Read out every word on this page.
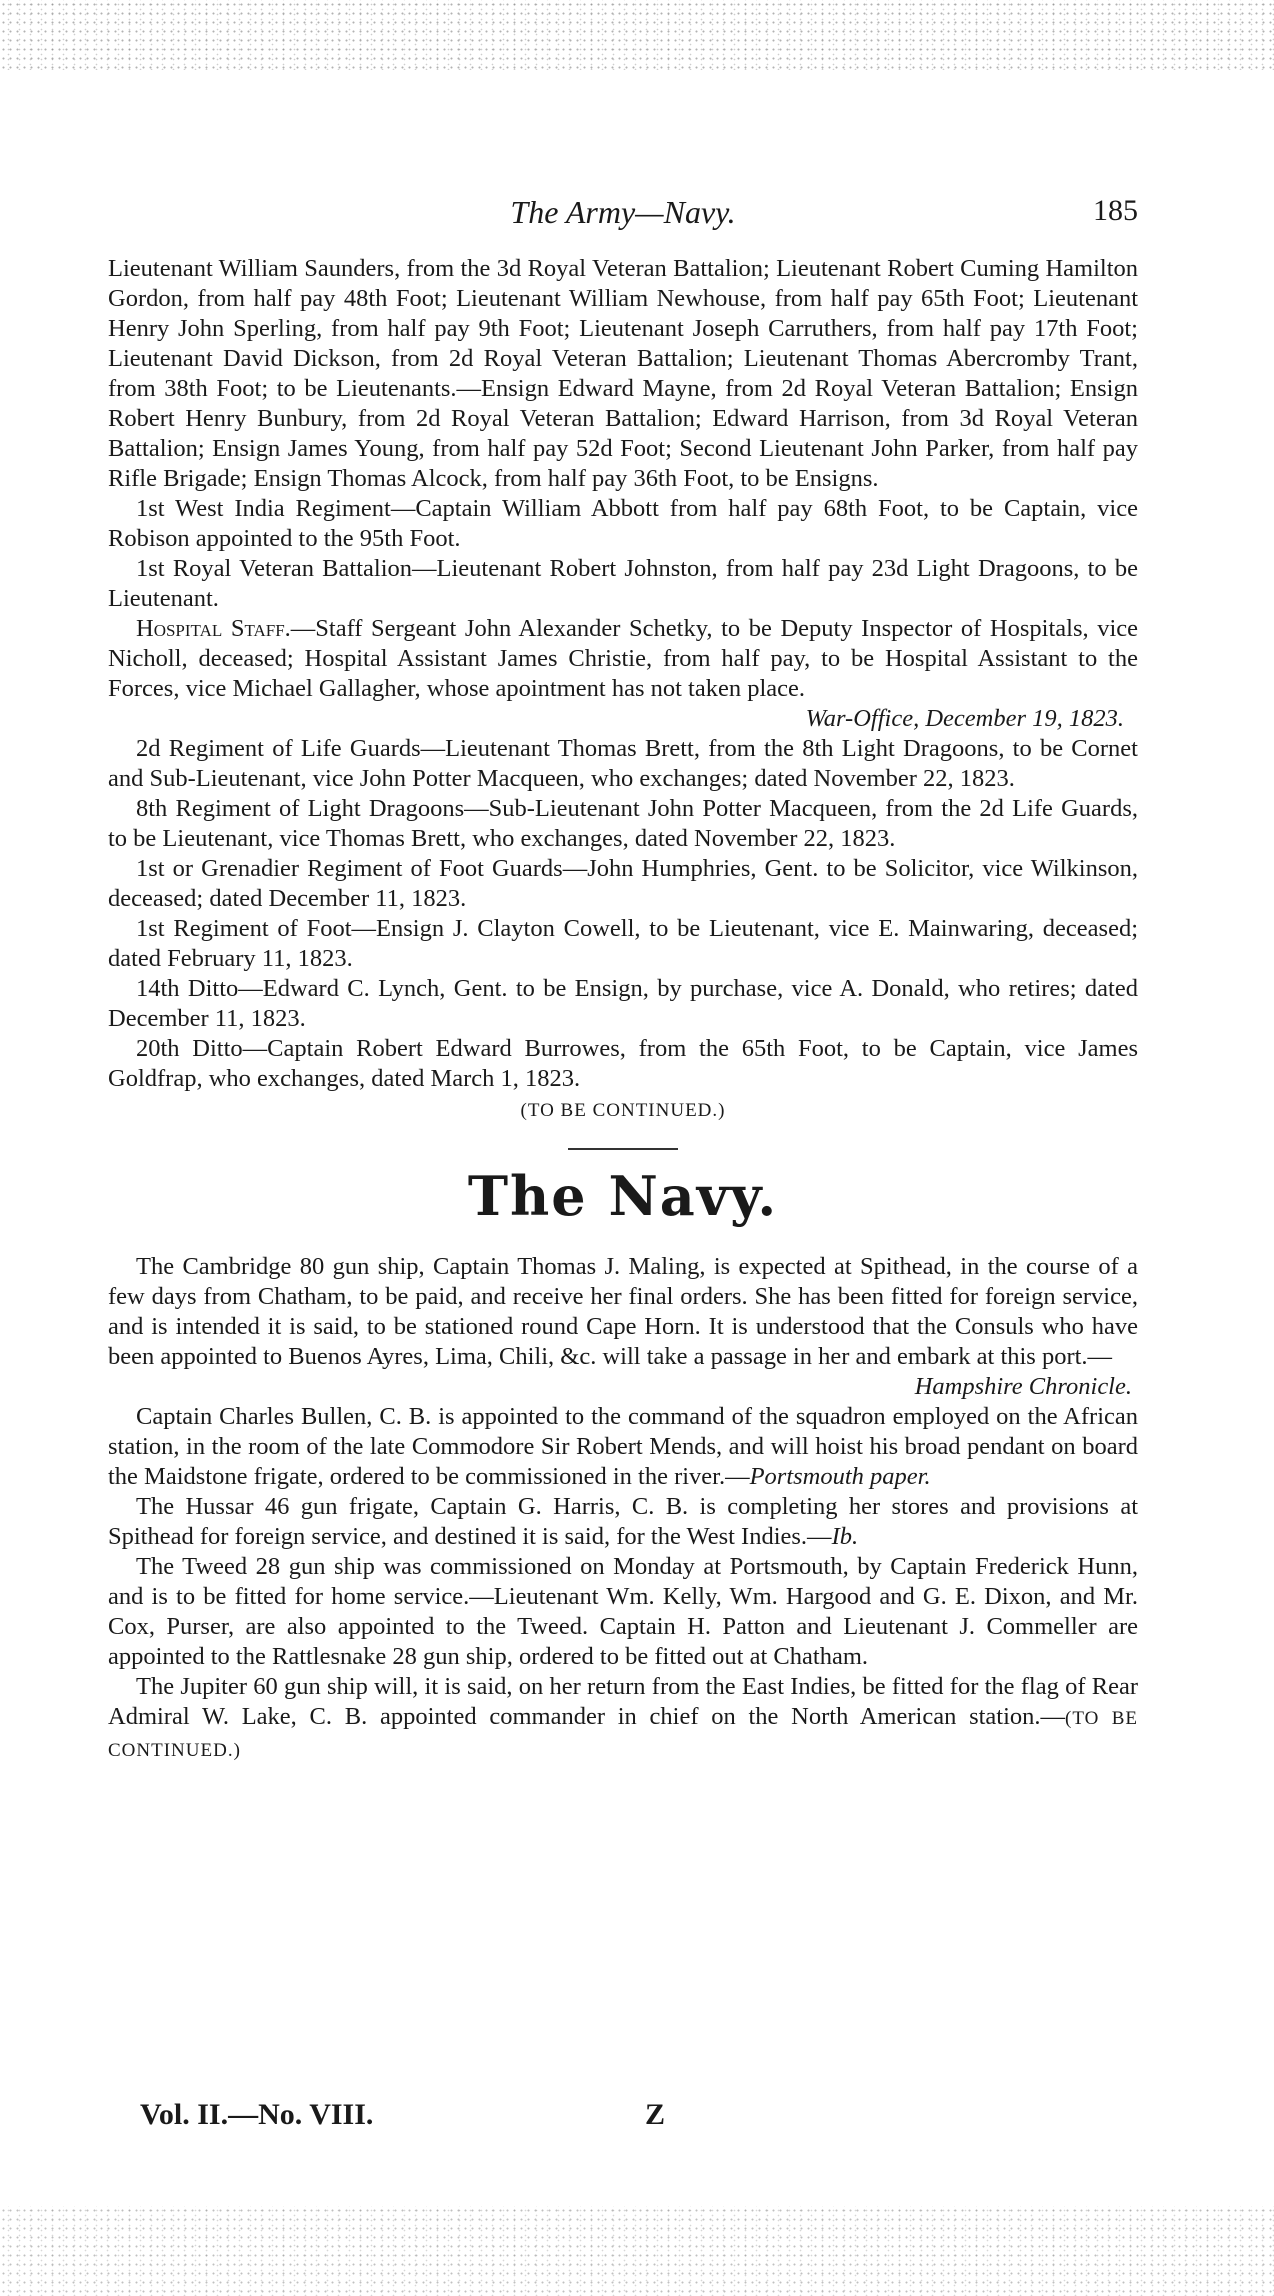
The Army—Navy.	185

Lieutenant William Saunders, from the 3d Royal Veteran Battalion; Lieutenant Robert Cuming Hamilton Gordon, from half pay 48th Foot; Lieutenant William Newhouse, from half pay 65th Foot; Lieutenant Henry John Sperling, from half pay 9th Foot; Lieutenant Joseph Carruthers, from half pay 17th Foot; Lieutenant David Dickson, from 2d Royal Veteran Battalion; Lieutenant Thomas Abercromby Trant, from 38th Foot; to be Lieutenants.—Ensign Edward Mayne, from 2d Royal Veteran Battalion; Ensign Robert Henry Bunbury, from 2d Royal Veteran Battalion; Edward Harrison, from 3d Royal Veteran Battalion; Ensign James Young, from half pay 52d Foot; Second Lieutenant John Parker, from half pay Rifle Brigade; Ensign Thomas Alcock, from half pay 36th Foot, to be Ensigns.

1st West India Regiment—Captain William Abbott from half pay 68th Foot, to be Captain, vice Robison appointed to the 95th Foot.

1st Royal Veteran Battalion—Lieutenant Robert Johnston, from half pay 23d Light Dragoons, to be Lieutenant.

Hospital Staff.—Staff Sergeant John Alexander Schetky, to be Deputy Inspector of Hospitals, vice Nicholl, deceased; Hospital Assistant James Christie, from half pay, to be Hospital Assistant to the Forces, vice Michael Gallagher, whose apointment has not taken place.

War-Office, December 19, 1823.

2d Regiment of Life Guards—Lieutenant Thomas Brett, from the 8th Light Dragoons, to be Cornet and Sub-Lieutenant, vice John Potter Macqueen, who exchanges; dated November 22, 1823.

8th Regiment of Light Dragoons—Sub-Lieutenant John Potter Macqueen, from the 2d Life Guards, to be Lieutenant, vice Thomas Brett, who exchanges, dated November 22, 1823.

1st or Grenadier Regiment of Foot Guards—John Humphries, Gent. to be Solicitor, vice Wilkinson, deceased; dated December 11, 1823.

1st Regiment of Foot—Ensign J. Clayton Cowell, to be Lieutenant, vice E. Mainwaring, deceased; dated February 11, 1823.

14th Ditto—Edward C. Lynch, Gent. to be Ensign, by purchase, vice A. Donald, who retires; dated December 11, 1823.

20th Ditto—Captain Robert Edward Burrowes, from the 65th Foot, to be Captain, vice James Goldfrap, who exchanges, dated March 1, 1823.

(TO BE CONTINUED.)

The Navy.

The Cambridge 80 gun ship, Captain Thomas J. Maling, is expected at Spithead, in the course of a few days from Chatham, to be paid, and receive her final orders. She has been fitted for foreign service, and is intended it is said, to be stationed round Cape Horn. It is understood that the Consuls who have been appointed to Buenos Ayres, Lima, Chili, &c. will take a passage in her and embark at this port.—

Hampshire Chronicle.

Captain Charles Bullen, C. B. is appointed to the command of the squadron employed on the African station, in the room of the late Commodore Sir Robert Mends, and will hoist his broad pendant on board the Maidstone frigate, ordered to be commissioned in the river.—Portsmouth paper.

The Hussar 46 gun frigate, Captain G. Harris, C. B. is completing her stores and provisions at Spithead for foreign service, and destined it is said, for the West Indies.—Ib.

The Tweed 28 gun ship was commissioned on Monday at Portsmouth, by Captain Frederick Hunn, and is to be fitted for home service.—Lieutenant Wm. Kelly, Wm. Hargood and G. E. Dixon, and Mr. Cox, Purser, are also appointed to the Tweed. Captain H. Patton and Lieutenant J. Commeller are appointed to the Rattlesnake 28 gun ship, ordered to be fitted out at Chatham.

The Jupiter 60 gun ship will, it is said, on her return from the East Indies, be fitted for the flag of Rear Admiral W. Lake, C. B. appointed commander in chief on the North American station.—(TO BE CONTINUED.)

Vol. II.—No. VIII.	Z
